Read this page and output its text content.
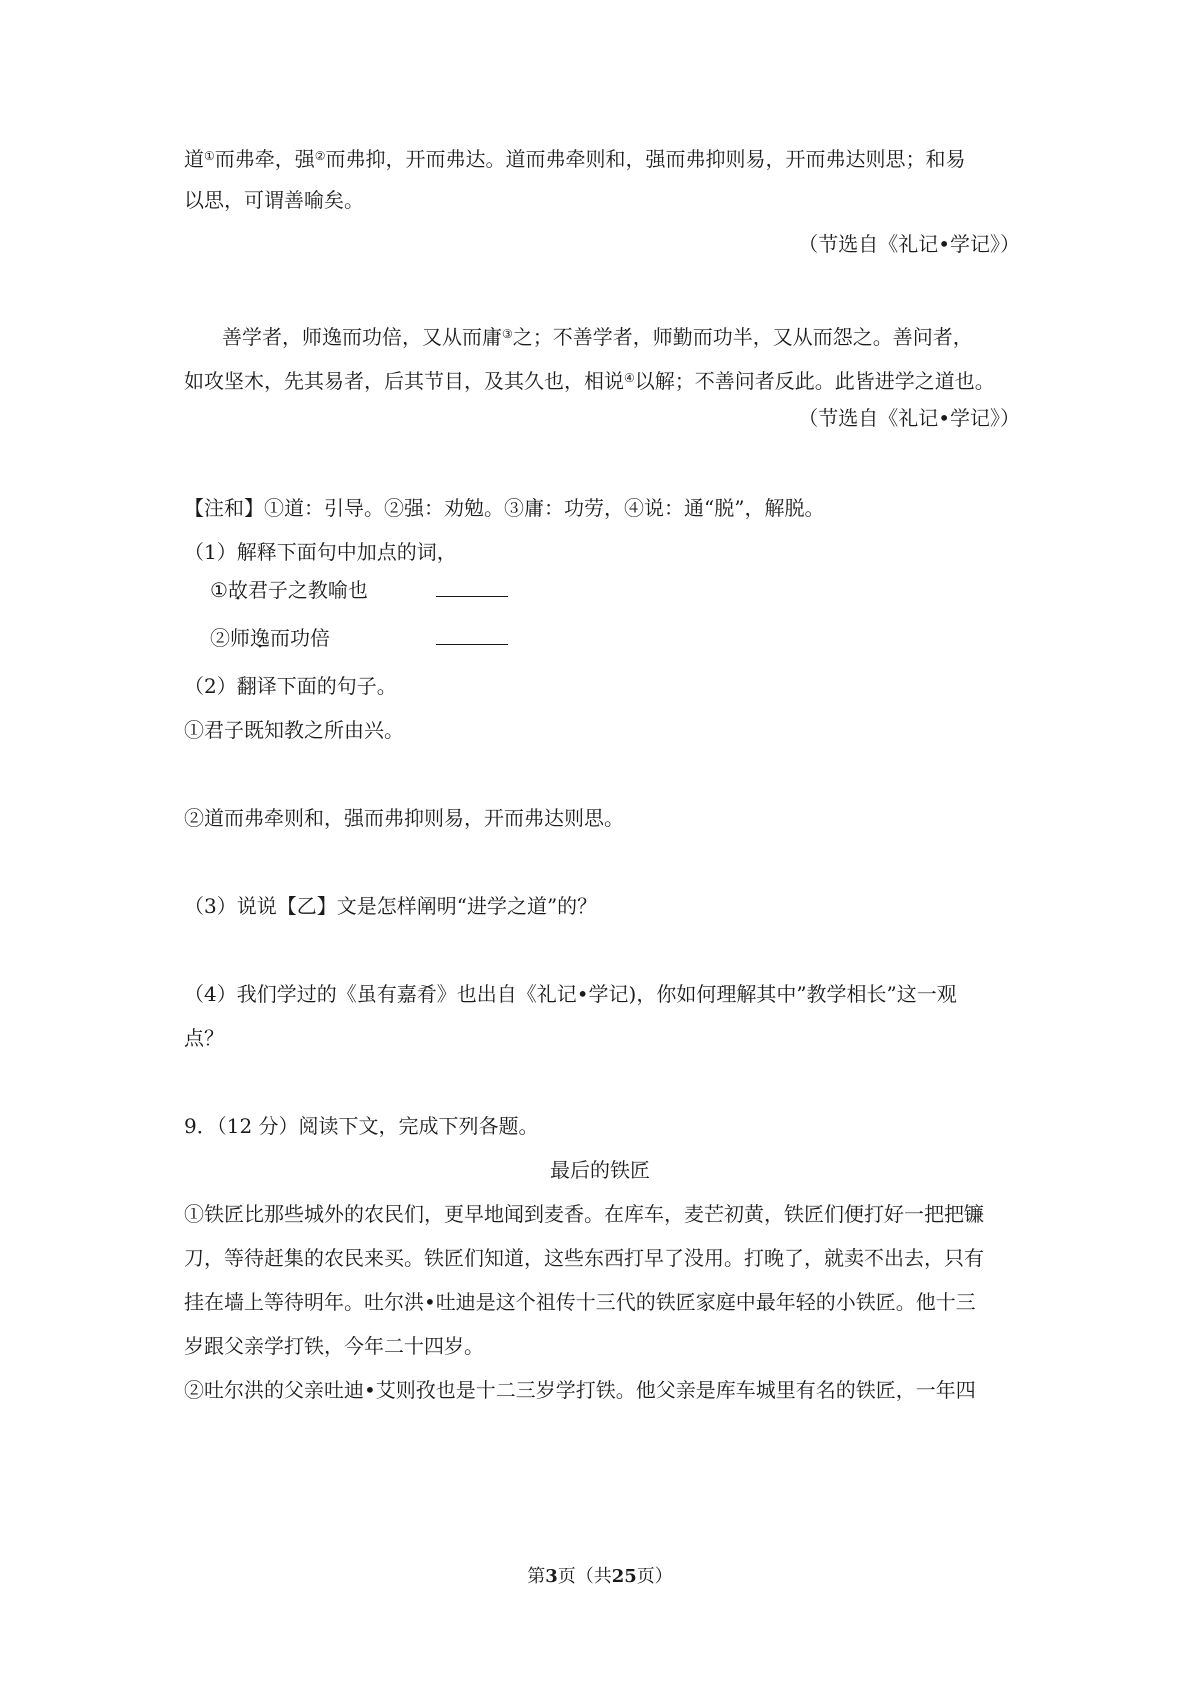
道①而弗牵，强②而弗抑，开而弗达。道而弗牵则和，强而弗抑则易，开而弗达则思；和易
以思，可谓善喻矣。
（节选自《礼记•学记》）
善学者，师逸而功倍，又从而庸③之；不善学者，师勤而功半，又从而怨之。善问者，
如攻坚木，先其易者，后其节目，及其久也，相说④以解；不善问者反此。此皆进学之道也。
（节选自《礼记•学记》）
【注和】①道：引导。②强：劝勉。③庸：功劳，④说：通“脱”，解脱。
（1）解释下面句中加点的词，
①故君子之教喻也
②师逸而功倍
（2）翻译下面的句子。
①君子既知教之所由兴。
②道而弗牵则和，强而弗抑则易，开而弗达则思。
（3）说说【乙】文是怎样阐明“进学之道”的？
（4）我们学过的《虽有嘉肴》也出自《礼记•学记)，你如何理解其中”教学相长”这一观
点？
9．（12 分）阅读下文，完成下列各题。
最后的铁匠
①铁匠比那些城外的农民们，更早地闻到麦香。在库车，麦芒初黄，铁匠们便打好一把把镰
刀，等待赶集的农民来买。铁匠们知道，这些东西打早了没用。打晚了，就卖不出去，只有
挂在墙上等待明年。吐尔洪•吐迪是这个祖传十三代的铁匠家庭中最年轻的小铁匠。他十三
岁跟父亲学打铁，今年二十四岁。
②吐尔洪的父亲吐迪•艾则孜也是十二三岁学打铁。他父亲是库车城里有名的铁匠，一年四
第3页（共25页）
